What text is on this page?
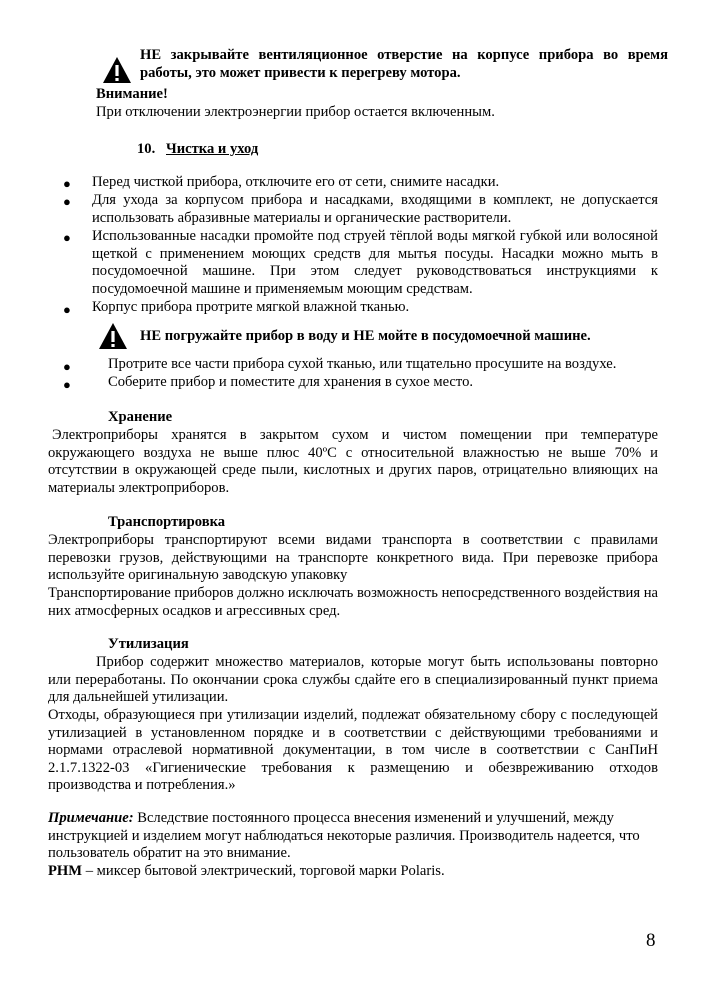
НЕ закрывайте вентиляционное отверстие на корпусе прибора во время работы, это может привести к перегреву мотора.
Внимание!
При отключении электроэнергии прибор остается включенным.
10. Чистка и уход
● Перед чисткой прибора, отключите его от сети, снимите насадки.
● Для ухода за корпусом прибора и насадками, входящими в комплект, не допускается использовать абразивные материалы и органические растворители.
● Использованные насадки промойте под струей тёплой воды мягкой губкой или волосяной щеткой с применением моющих средств для мытья посуды. Насадки можно мыть в посудомоечной машине. При этом следует руководствоваться инструкциями к посудомоечной машине и применяемым моющим средствам.
● Корпус прибора протрите мягкой влажной тканью.
НЕ погружайте прибор в воду и НЕ мойте в посудомоечной машине.
●	Протрите все части прибора сухой тканью, или тщательно просушите на воздухе.
●	Соберите прибор и поместите для хранения в сухое место.
Хранение
Электроприборы хранятся в закрытом сухом и чистом помещении при температуре окружающего воздуха не выше плюс 40ºС с относительной влажностью не выше 70% и отсутствии в окружающей среде пыли, кислотных и других паров, отрицательно влияющих на материалы электроприборов.
Транспортировка
Электроприборы транспортируют всеми видами транспорта в соответствии с правилами перевозки грузов, действующими на транспорте конкретного вида. При перевозке прибора используйте оригинальную заводскую упаковку
Транспортирование приборов должно исключать возможность непосредственного воздействия на них атмосферных осадков и агрессивных сред.
Утилизация
Прибор содержит множество материалов, которые могут быть использованы повторно или переработаны. По окончании срока службы сдайте его в специализированный пункт приема для дальнейшей утилизации.
Отходы, образующиеся при утилизации изделий, подлежат обязательному сбору с последующей утилизацией в установленном порядке и в соответствии с действующими требованиями и нормами отраслевой нормативной документации, в том числе в соответствии с СанПиН 2.1.7.1322-03 «Гигиенические требования к размещению и обезвреживанию отходов производства и потребления.»
Примечание: Вследствие постоянного процесса внесения изменений и улучшений, между инструкцией и изделием могут наблюдаться некоторые различия. Производитель надеется, что пользователь обратит на это внимание.
РНМ – миксер бытовой электрический, торговой марки Polaris.
8
